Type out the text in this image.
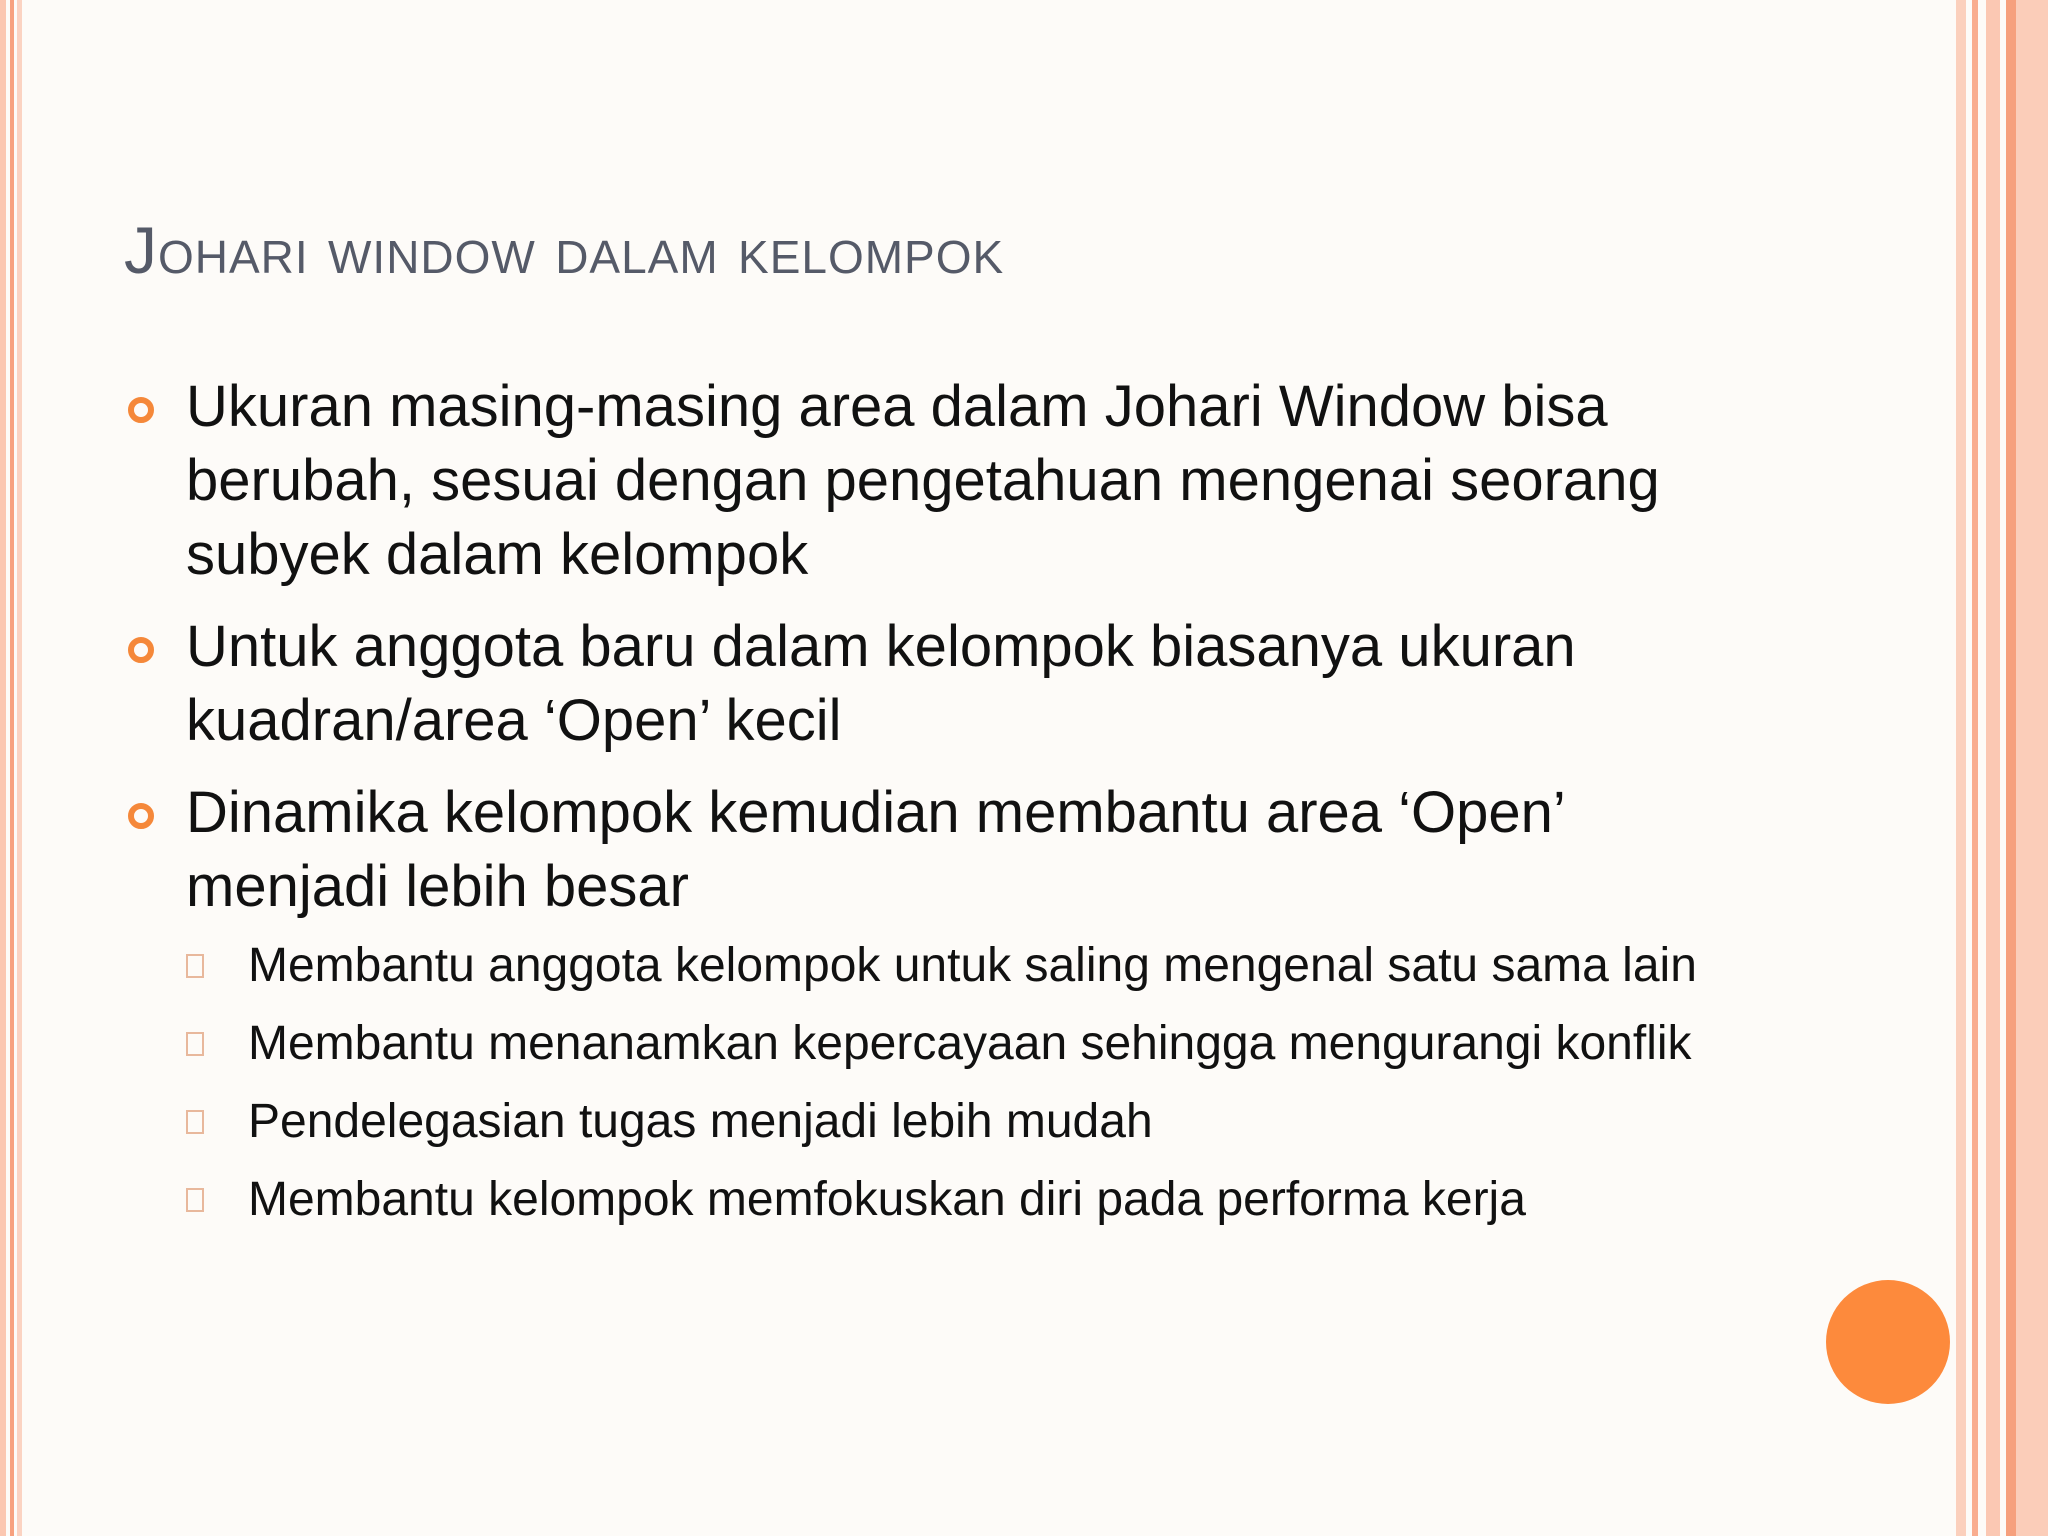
Johari window dalam kelompok
Ukuran masing-masing area dalam Johari Window bisa berubah, sesuai dengan pengetahuan mengenai seorang subyek dalam kelompok
Untuk anggota baru dalam kelompok biasanya ukuran kuadran/area ‘Open’ kecil
Dinamika kelompok kemudian membantu area ‘Open’ menjadi lebih besar
Membantu anggota kelompok untuk saling mengenal satu sama lain
Membantu menanamkan kepercayaan sehingga mengurangi konflik
Pendelegasian tugas menjadi lebih mudah
Membantu kelompok memfokuskan diri pada performa kerja
